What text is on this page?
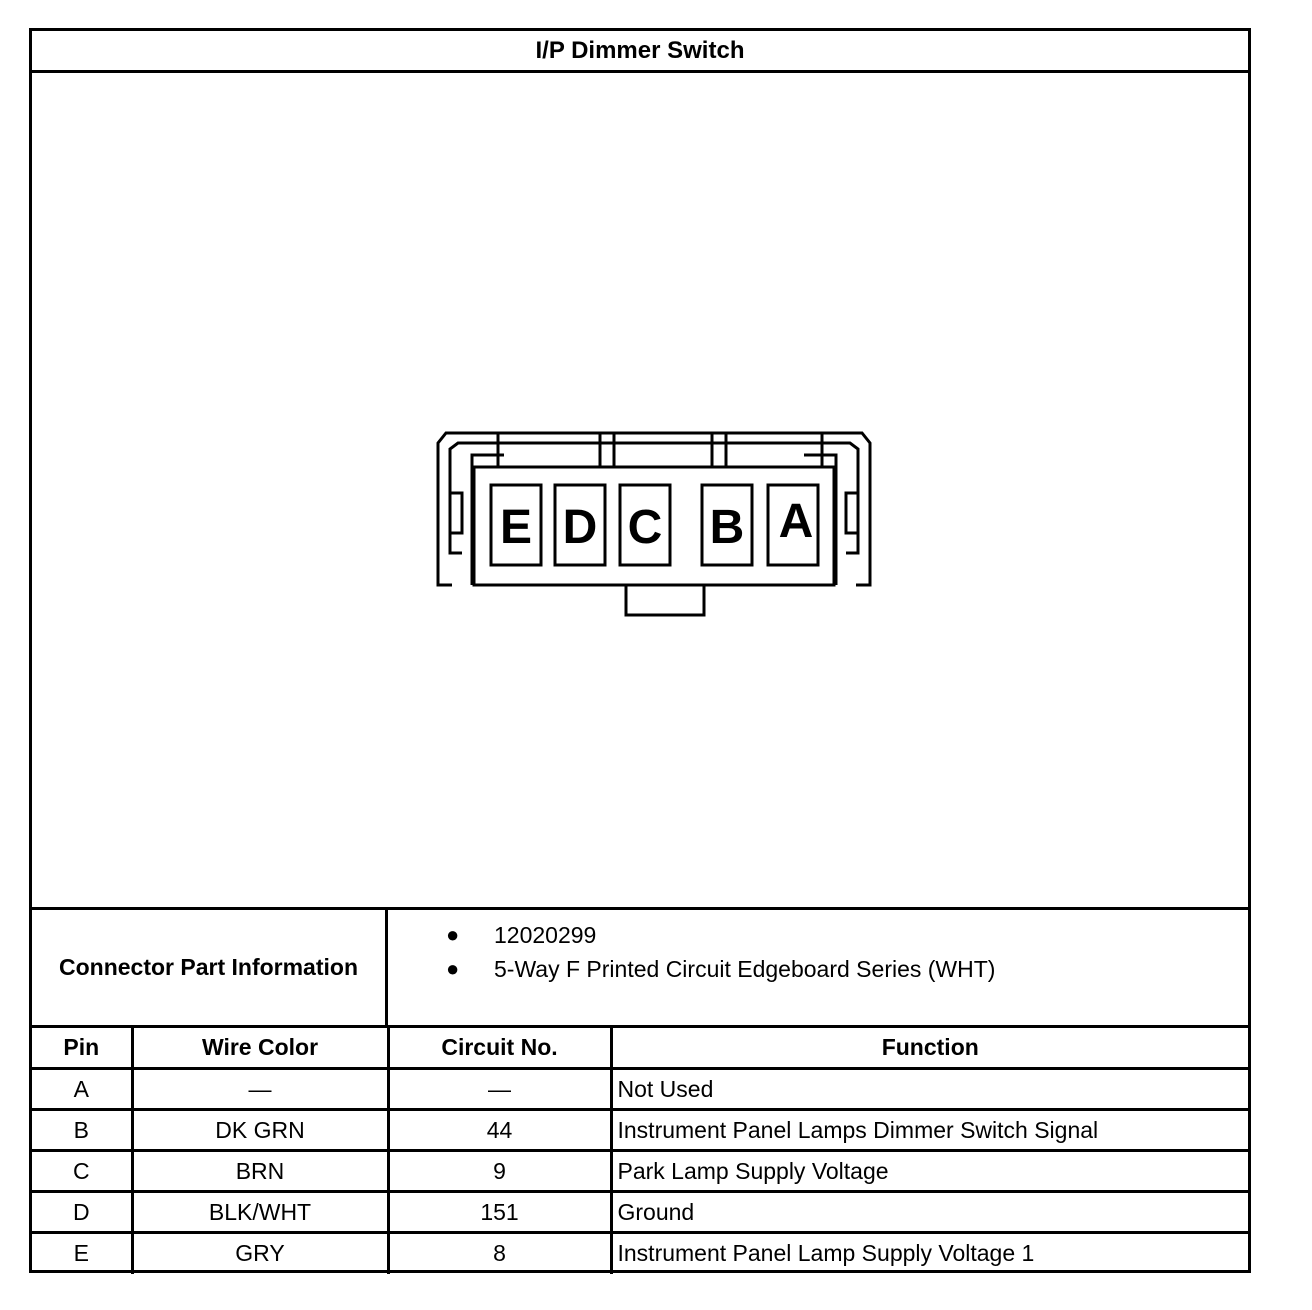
I/P Dimmer Switch
E D C B A
Connector Part Information
● 12020299
● 5-Way F Printed Circuit Edgeboard Series (WHT)
Pin	Wire Color	Circuit No.	Function
A	—	—	Not Used
B	DK GRN	44	Instrument Panel Lamps Dimmer Switch Signal
C	BRN	9	Park Lamp Supply Voltage
D	BLK/WHT	151	Ground
E	GRY	8	Instrument Panel Lamp Supply Voltage 1
